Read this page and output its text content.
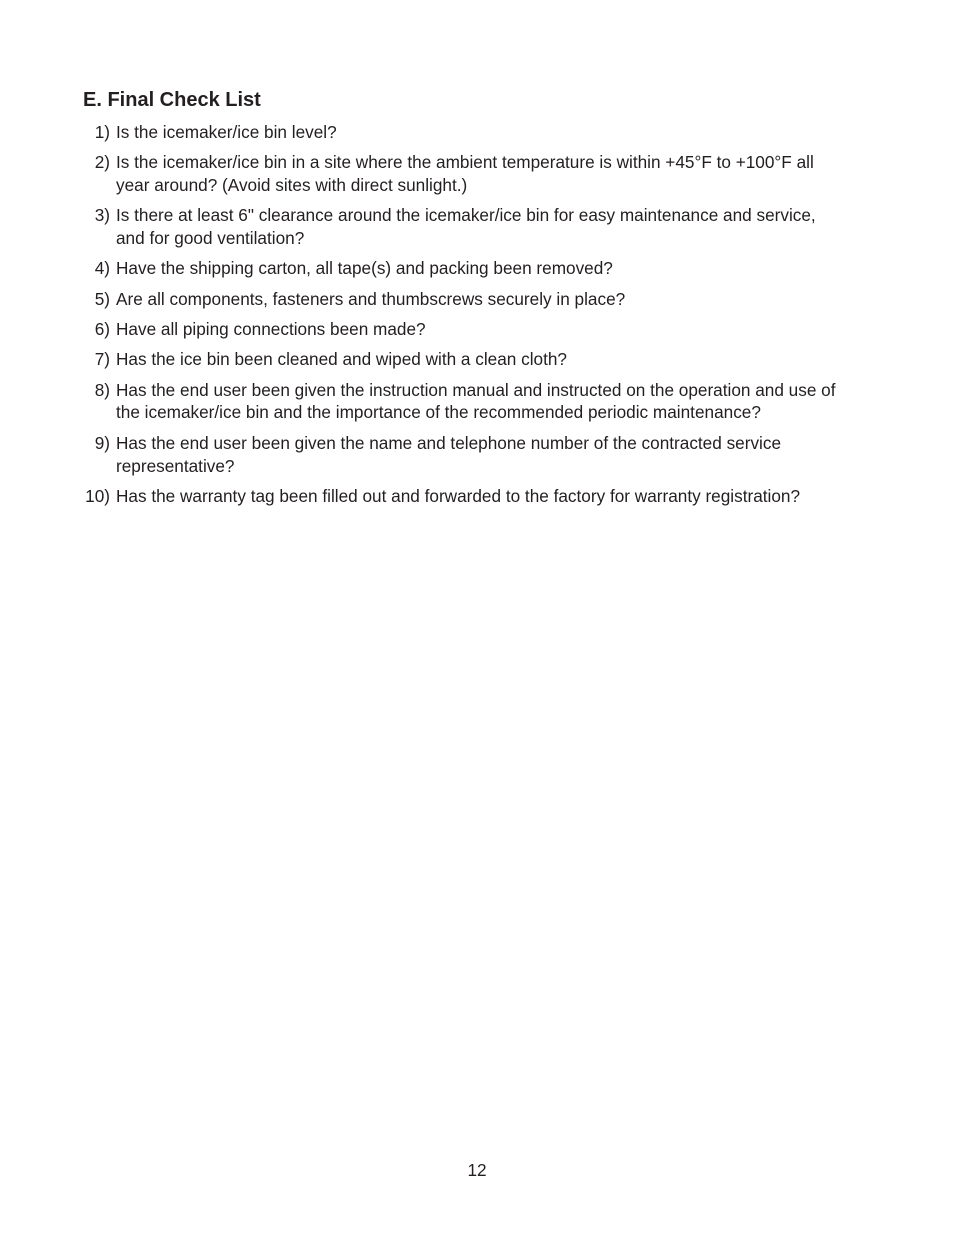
E. Final Check List
1) Is the icemaker/ice bin level?
2) Is the icemaker/ice bin in a site where the ambient temperature is within +45°F to +100°F all year around? (Avoid sites with direct sunlight.)
3) Is there at least 6" clearance around the icemaker/ice bin for easy maintenance and service, and for good ventilation?
4) Have the shipping carton, all tape(s) and packing been removed?
5) Are all components, fasteners and thumbscrews securely in place?
6) Have all piping connections been made?
7) Has the ice bin been cleaned and wiped with a clean cloth?
8) Has the end user been given the instruction manual and instructed on the operation and use of the icemaker/ice bin and the importance of the recommended periodic maintenance?
9) Has the end user been given the name and telephone number of the contracted service representative?
10) Has the warranty tag been filled out and forwarded to the factory for warranty registration?
12
